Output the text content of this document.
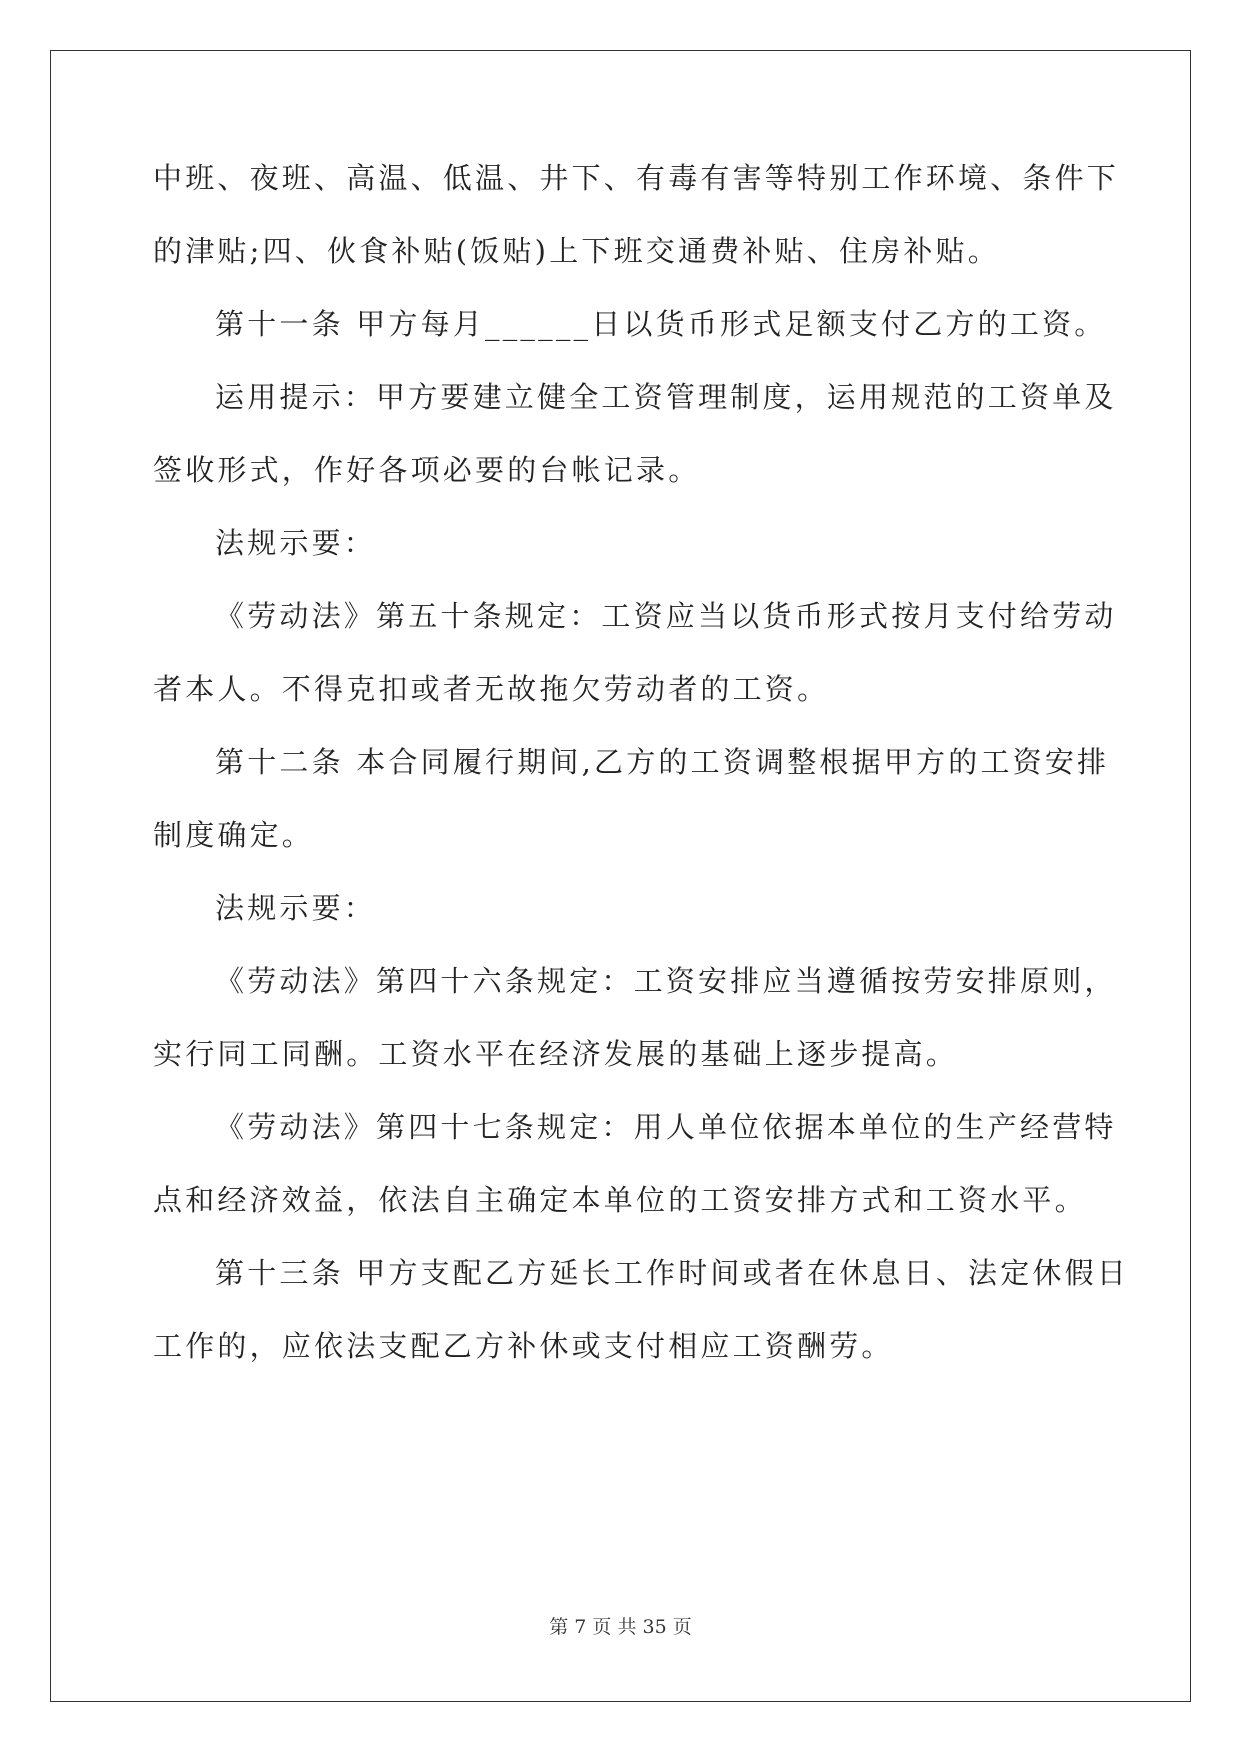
中班、夜班、高温、低温、井下、有毒有害等特别工作环境、条件下
的津贴;四、伙食补贴(饭贴)上下班交通费补贴、住房补贴。
第十一条 甲方每月______日以货币形式足额支付乙方的工资。
运用提示：甲方要建立健全工资管理制度，运用规范的工资单及
签收形式，作好各项必要的台帐记录。
法规示要：
《劳动法》第五十条规定：工资应当以货币形式按月支付给劳动
者本人。不得克扣或者无故拖欠劳动者的工资。
第十二条 本合同履行期间,乙方的工资调整根据甲方的工资安排
制度确定。
法规示要：
《劳动法》第四十六条规定：工资安排应当遵循按劳安排原则，
实行同工同酬。工资水平在经济发展的基础上逐步提高。
《劳动法》第四十七条规定：用人单位依据本单位的生产经营特
点和经济效益，依法自主确定本单位的工资安排方式和工资水平。
第十三条 甲方支配乙方延长工作时间或者在休息日、法定休假日
工作的，应依法支配乙方补休或支付相应工资酬劳。
第 7 页 共 35 页
